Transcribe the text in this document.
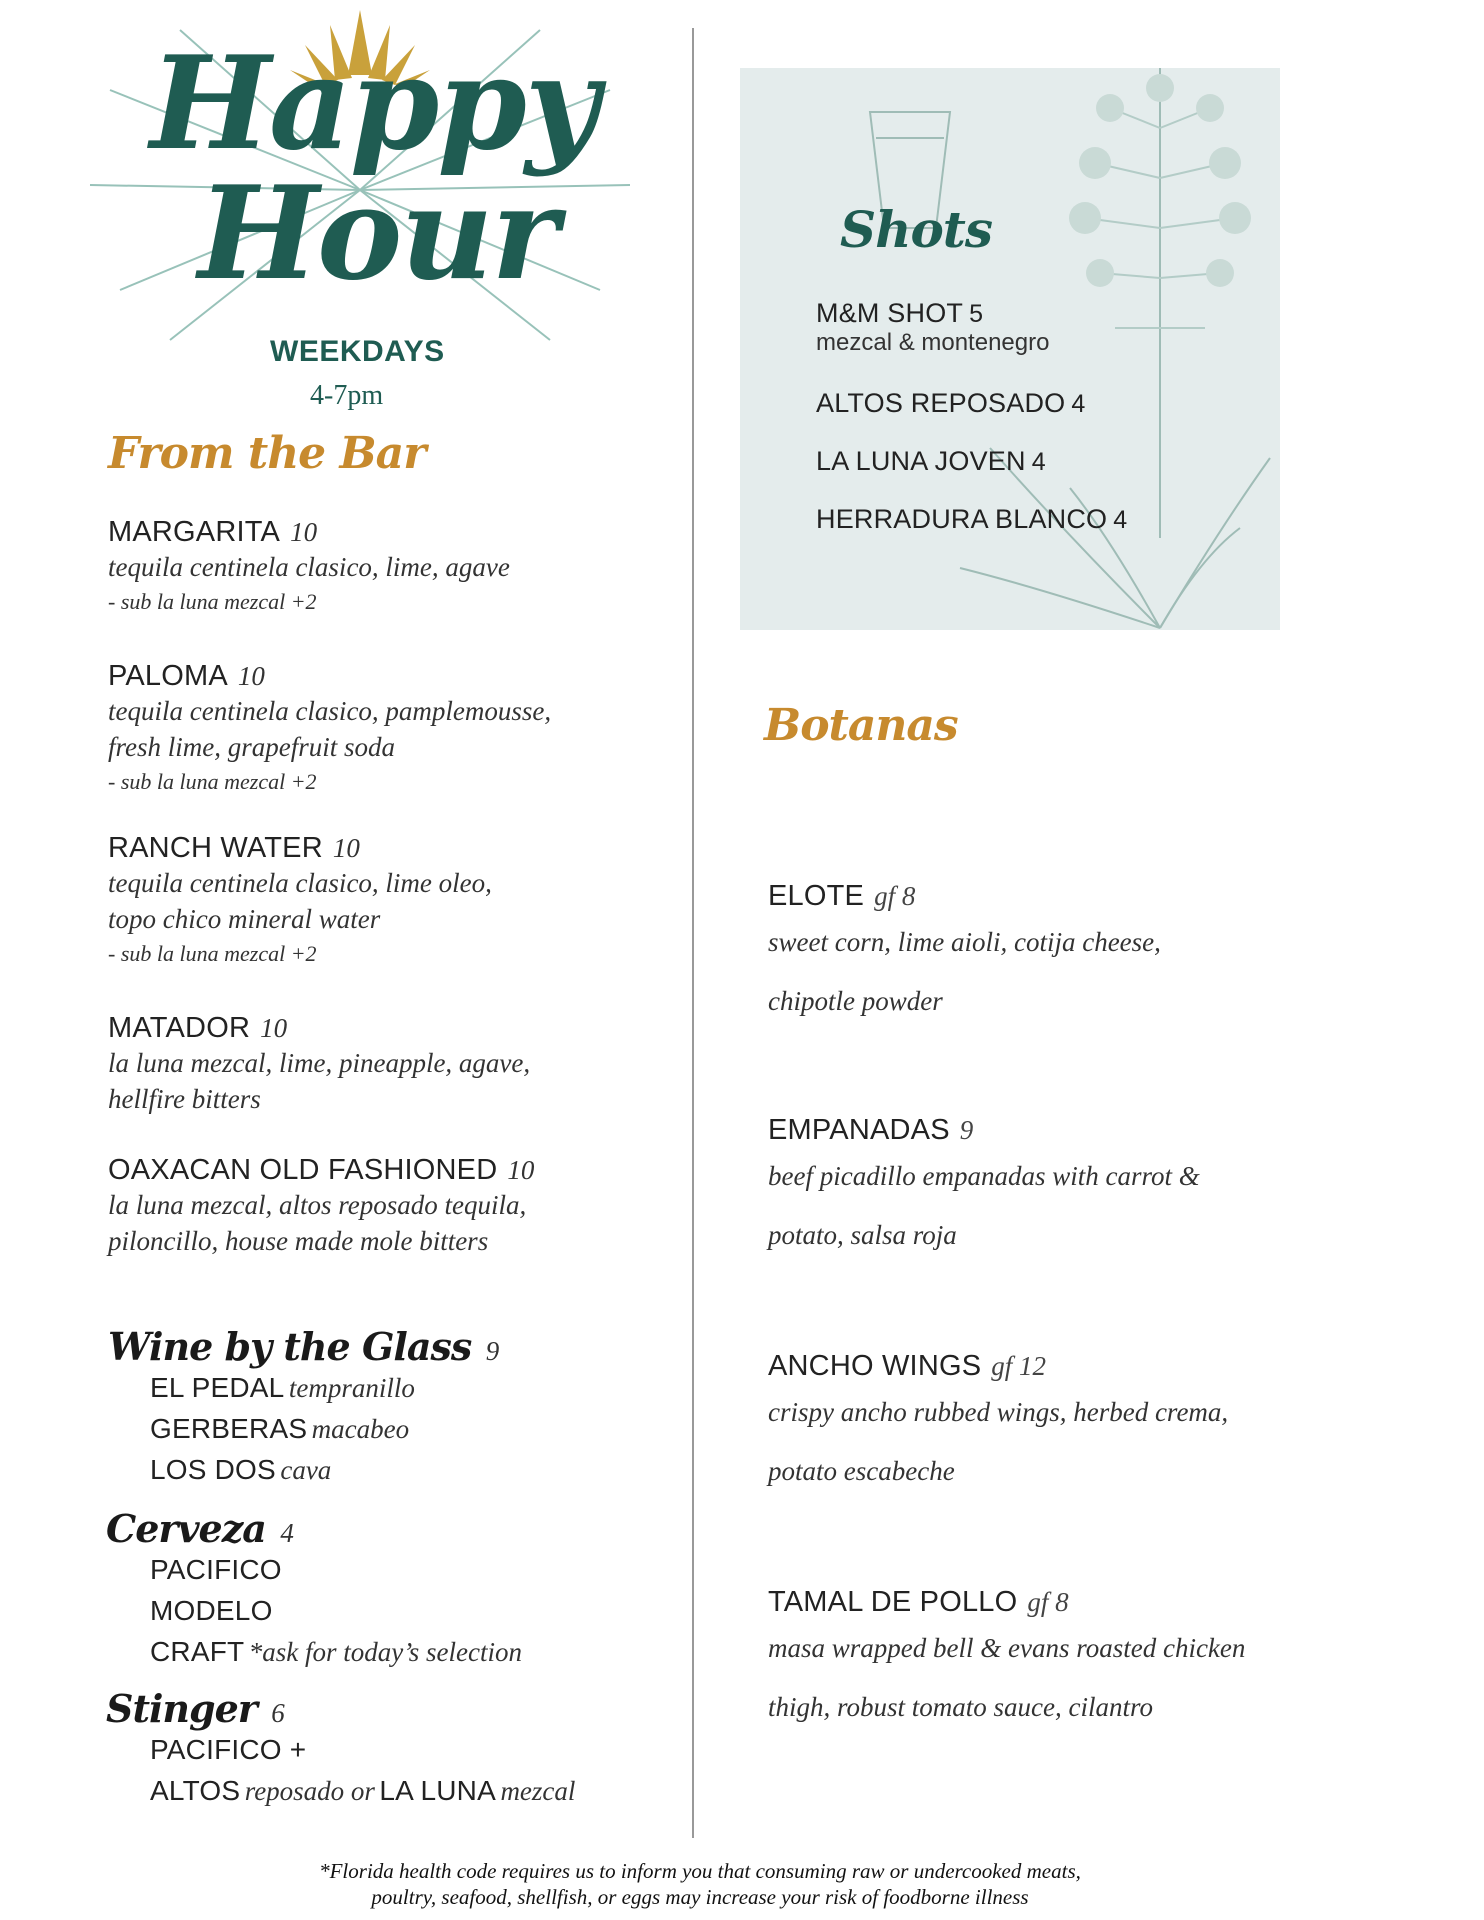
Happy
Hour
WEEKDAYS
4-7pm
From the Bar
MARGARITA 10
tequila centinela clasico, lime, agave
- sub la luna mezcal +2
PALOMA 10
tequila centinela clasico, pamplemousse,
fresh lime, grapefruit soda
- sub la luna mezcal +2
RANCH WATER 10
tequila centinela clasico, lime oleo,
topo chico mineral water
- sub la luna mezcal +2
MATADOR 10
la luna mezcal, lime, pineapple, agave,
hellfire bitters
OAXACAN OLD FASHIONED 10
la luna mezcal, altos reposado tequila,
piloncillo, house made mole bitters
Wine by the Glass 9
EL PEDAL tempranillo
GERBERAS macabeo
LOS DOS cava
Cerveza 4
PACIFICO
MODELO
CRAFT *ask for today’s selection
Stinger 6
PACIFICO +
ALTOS reposado or LA LUNA mezcal
Shots
M&M SHOT 5
mezcal & montenegro
ALTOS REPOSADO 4
LA LUNA JOVEN 4
HERRADURA BLANCO 4
Botanas
ELOTE gf 8
sweet corn, lime aioli, cotija cheese,
chipotle powder
EMPANADAS 9
beef picadillo empanadas with carrot &
potato, salsa roja
ANCHO WINGS gf 12
crispy ancho rubbed wings, herbed crema,
potato escabeche
TAMAL DE POLLO gf 8
masa wrapped bell & evans roasted chicken
thigh, robust tomato sauce, cilantro
*Florida health code requires us to inform you that consuming raw or undercooked meats,
poultry, seafood, shellfish, or eggs may increase your risk of foodborne illness
